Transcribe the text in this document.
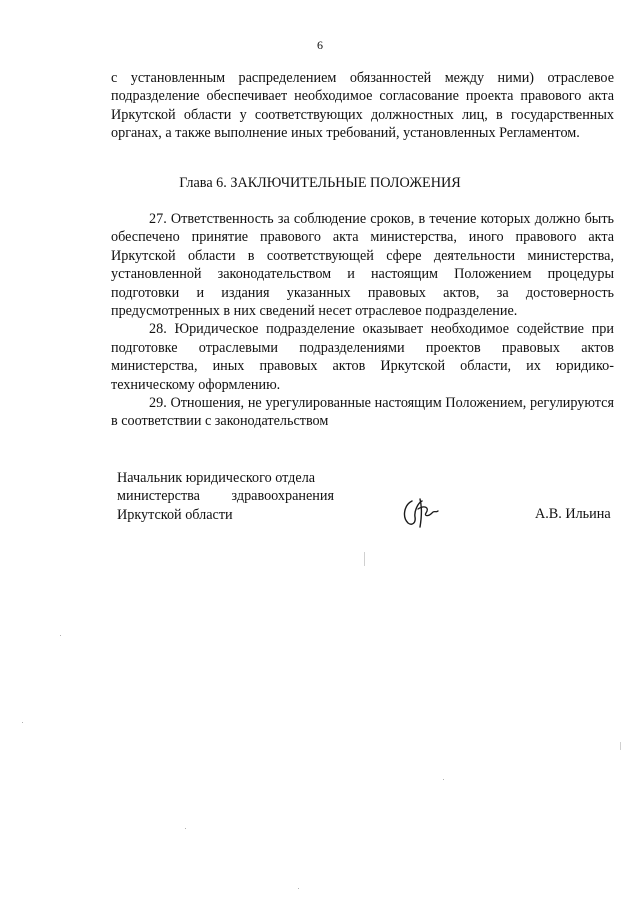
6

с установленным распределением обязанностей между ними) отраслевое подразделение обеспечивает необходимое согласование проекта правового акта Иркутской области у соответствующих должностных лиц, в государственных органах, а также выполнение иных требований, установленных Регламентом.

Глава 6. ЗАКЛЮЧИТЕЛЬНЫЕ ПОЛОЖЕНИЯ

27. Ответственность за соблюдение сроков, в течение которых должно быть обеспечено принятие правового акта министерства, иного правового акта Иркутской области в соответствующей сфере деятельности министерства, установленной законодательством и настоящим Положением процедуры подготовки и издания указанных правовых актов, за достоверность предусмотренных в них сведений несет отраслевое подразделение.

28. Юридическое подразделение оказывает необходимое содействие при подготовке отраслевыми подразделениями проектов правовых актов министерства, иных правовых актов Иркутской области, их юридико-техническому оформлению.

29. Отношения, не урегулированные настоящим Положением, регулируются в соответствии с законодательством

Начальник юридического отдела
министерства здравоохранения
Иркутской области	А.В. Ильина
